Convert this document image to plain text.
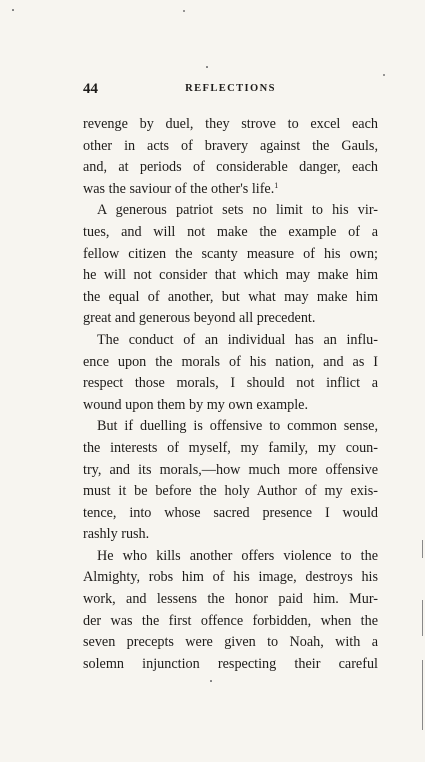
44	REFLECTIONS
revenge by duel, they strove to excel each
other in acts of bravery against the Gauls,
and, at periods of considerable danger, each
was the saviour of the other's life.$^1$
A generous patriot sets no limit to his vir-
tues, and will not make the example of a
fellow citizen the scanty measure of his own;
he will not consider that which may make him
the equal of another, but what may make him
great and generous beyond all precedent.
The conduct of an individual has an influ-
ence upon the morals of his nation, and as I
respect those morals, I should not inflict a
wound upon them by my own example.
But if duelling is offensive to common sense,
the interests of myself, my family, my coun-
try, and its morals,—how much more offensive
must it be before the holy Author of my exis-
tence, into whose sacred presence I would
rashly rush.
He who kills another offers violence to the
Almighty, robs him of his image, destroys his
work, and lessens the honor paid him. Mur-
der was the first offence forbidden, when the
seven precepts were given to Noah, with a
solemn injunction respecting their careful
